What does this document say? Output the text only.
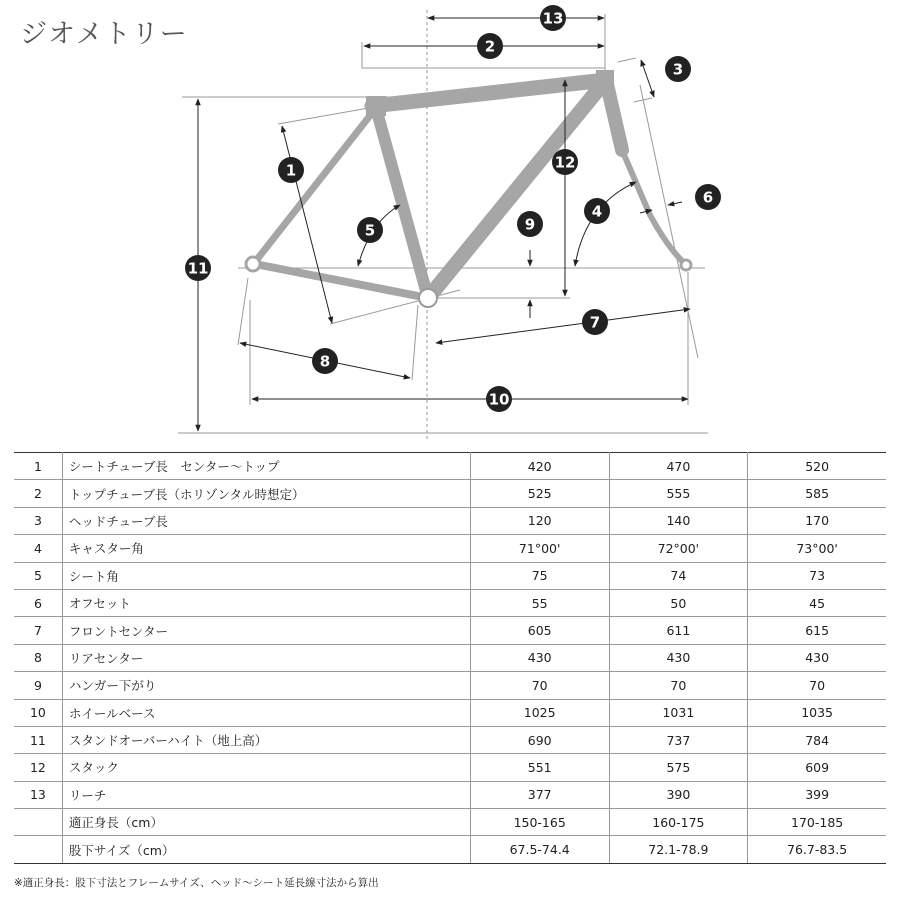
ジオメトリー
13
2
3
1	12
6
4
9
5
11
7
8
10
1	シートチューブ長　センター〜トップ	420	470	520
2	トップチューブ長（ホリゾンタル時想定）	525	555	585
3	ヘッドチューブ長	120	140	170
4	キャスター角	71°00'	72°00'	73°00'
5	シート角	75	74	73
6	オフセット	55	50	45
7	フロントセンター	605	611	615
8	リアセンター	430	430	430
9	ハンガー下がり	70	70	70
10	ホイールベース	1025	1031	1035
11	スタンドオーバーハイト（地上高）	690	737	784
12	スタック	551	575	609
13	リーチ	377	390	399
	適正身長（cm）	150-165	160-175	170-185
	股下サイズ（cm）	67.5-74.4	72.1-78.9	76.7-83.5
※適正身長：股下寸法とフレームサイズ、ヘッド〜シート延長線寸法から算出
